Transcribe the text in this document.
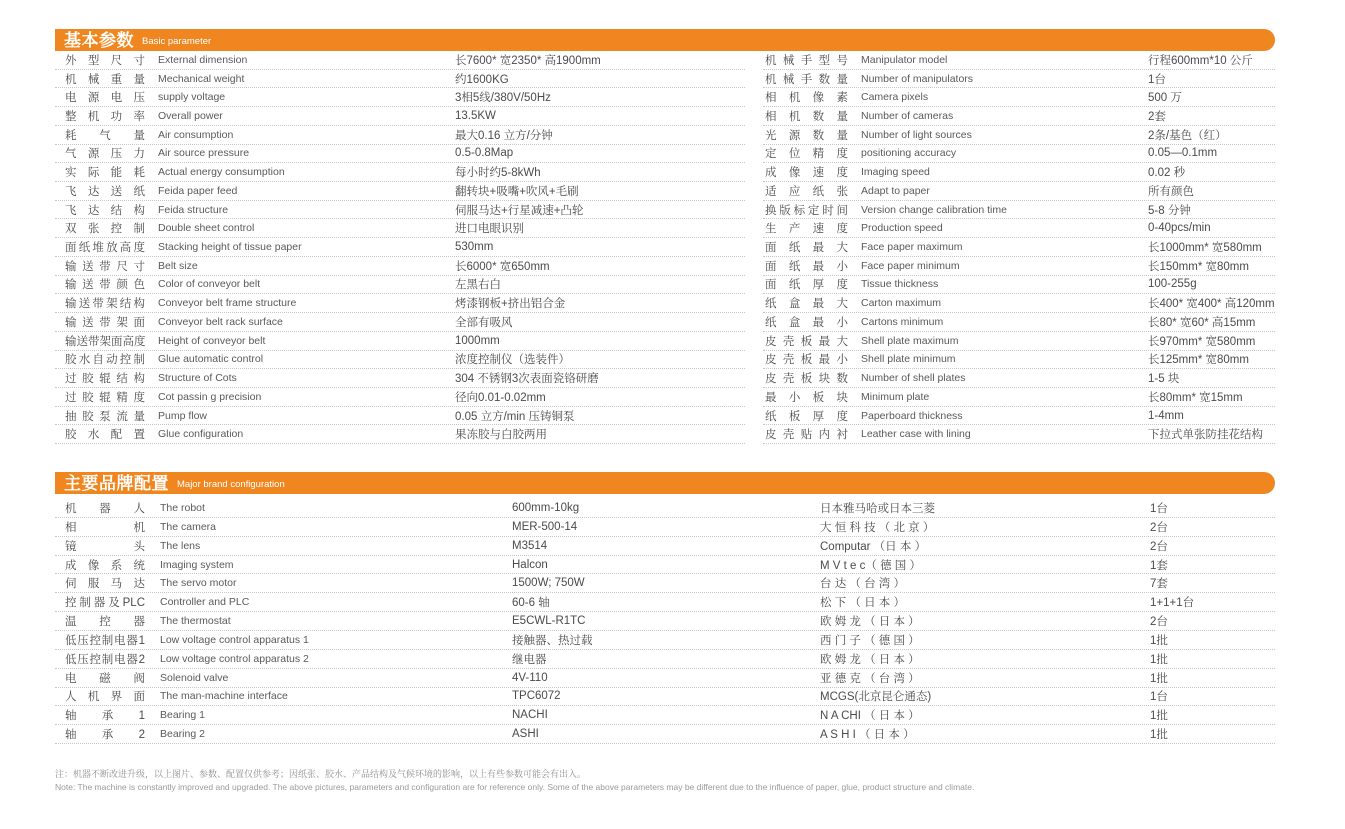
基本参数 Basic parameter
外型尺寸 External dimension	长7600* 宽2350* 高1900mm
机械重量 Mechanical weight	约1600KG
电源电压 supply voltage	3相5线/380V/50Hz
整机功率 Overall power	13.5KW
耗气量 Air consumption	最大0.16 立方/分钟
气源压力 Air source pressure	0.5-0.8Map
实际能耗 Actual energy consumption	每小时约5-8kWh
飞达送纸 Feida paper feed	翻转块+吸嘴+吹风+毛刷
飞达结构 Feida structure	伺服马达+行星减速+凸轮
双张控制 Double sheet control	进口电眼识别
面纸堆放高度 Stacking height of tissue paper	530mm
输送带尺寸 Belt size	长6000* 宽650mm
输送带颜色 Color of conveyor belt	左黑右白
输送带架结构 Conveyor belt frame structure	烤漆钢板+挤出铝合金
输送带架面 Conveyor belt rack surface	全部有吸风
输送带架面高度 Height of conveyor belt	1000mm
胶水自动控制 Glue automatic control	浓度控制仪（选装件）
过胶辊结构 Structure of Cots	304 不锈钢3次表面瓷铬研磨
过胶辊精度 Cot passin g precision	径向0.01-0.02mm
抽胶泵流量 Pump flow	0.05 立方/min 压铸铜泵
胶水配置 Glue configuration	果冻胶与白胶两用
机械手型号 Manipulator model	行程600mm*10 公斤
机械手数量 Number of manipulators	1台
相机像素 Camera pixels	500 万
相机数量 Number of cameras	2套
光源数量 Number of light sources	2条/基色（红）
定位精度 positioning accuracy	0.05—0.1mm
成像速度 Imaging speed	0.02 秒
适应纸张 Adapt to paper	所有颜色
换版标定时间 Version change calibration time	5-8 分钟
生产速度 Production speed	0-40pcs/min
面纸最大 Face paper maximum	长1000mm* 宽580mm
面纸最小 Face paper minimum	长150mm* 宽80mm
面纸厚度 Tissue thickness	100-255g
纸盒最大 Carton maximum	长400* 宽400* 高120mm
纸盒最小 Cartons minimum	长80* 宽60* 高15mm
皮壳板最大 Shell plate maximum	长970mm* 宽580mm
皮壳板最小 Shell plate minimum	长125mm* 宽80mm
皮壳板块数 Number of shell plates	1-5 块
最小板块 Minimum plate	长80mm* 宽15mm
纸板厚度 Paperboard thickness	1-4mm
皮壳贴内衬 Leather case with lining	下拉式单张防挂花结构
主要品牌配置 Major brand configuration
机器人 The robot	600mm-10kg	日本雅马哈或日本三菱	1台
相机 The camera	MER-500-14	大 恒 科 技 （ 北 京 ）	2台
镜头 The lens	M3514	Computar （日 本 ）	2台
成像系统 Imaging system	Halcon	M V t e c（ 德 国 ）	1套
伺服马达 The servo motor	1500W; 750W	台 达 （ 台 湾 ）	7套
控制器及PLC Controller and PLC	60-6 轴	松 下 （ 日 本 ）	1+1+1台
温控器 The thermostat	E5CWL-R1TC	欧 姆 龙 （ 日 本 ）	2台
低压控制电器1 Low voltage control apparatus 1	接触器、热过载	西 门 子 （ 德 国 ）	1批
低压控制电器2 Low voltage control apparatus 2	继电器	欧 姆 龙 （ 日 本 ）	1批
电磁阀 Solenoid valve	4V-110	亚 德 克 （ 台 湾 ）	1批
人机界面 The man-machine interface	TPC6072	MCGS(北京昆仑通态)	1台
轴承1 Bearing 1	NACHI	N A CHI （ 日 本 ）	1批
轴承2 Bearing 2	ASHI	A S H I （ 日 本 ）	1批
注：机器不断改进升级，以上图片、参数、配置仅供参考；因纸张、胶水、产品结构及气候环境的影响，以上有些参数可能会有出入。
Note: The machine is constantly improved and upgraded. The above pictures, parameters and configuration are for reference only. Some of the above parameters may be different due to the influence of paper, glue, product structure and climate.
